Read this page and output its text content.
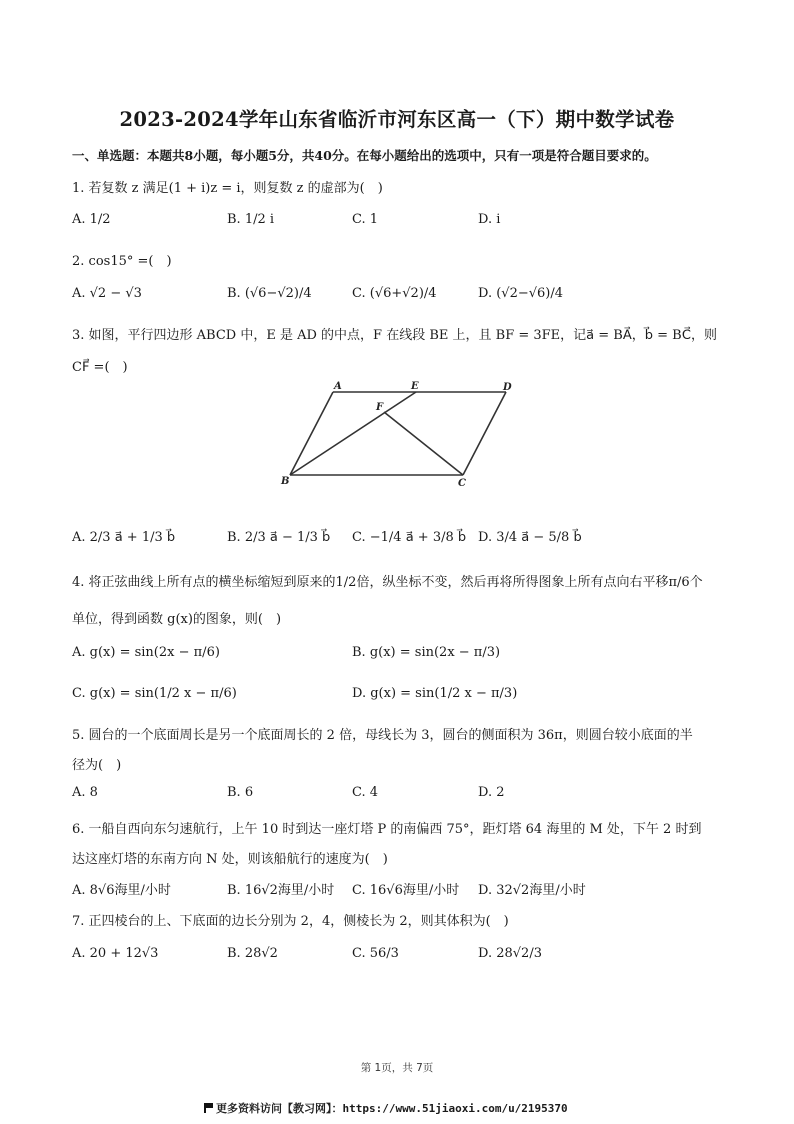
2023-2024学年山东省临沂市河东区高一（下）期中数学试卷
一、单选题：本题共8小题，每小题5分，共40分。在每小题给出的选项中，只有一项是符合题目要求的。
1. 若复数 z 满足(1 + i)z = i，则复数 z 的虚部为(　)
A. 1/2	B. 1/2 i	C. 1	D. i
2. cos15° =(　)
A. √2 − √3	B. (√6−√2)/4	C. (√6+√2)/4	D. (√2−√6)/4
3. 如图，平行四边形 ABCD 中，E 是 AD 的中点，F 在线段 BE 上，且 BF = 3FE，记a⃗ = BA⃗，b⃗ = BC⃗，则
CF⃗ =(　)
A	E	D
F
B	C
A. 2/3 a⃗ + 1/3 b⃗	B. 2/3 a⃗ − 1/3 b⃗ C. −1/4 a⃗ + 3/8 b⃗ D. 3/4 a⃗ − 5/8 b⃗
4. 将正弦曲线上所有点的横坐标缩短到原来的1/2倍，纵坐标不变，然后再将所得图象上所有点向右平移π/6个
单位，得到函数 g(x)的图象，则(　)
A. g(x) = sin(2x − π/6)	B. g(x) = sin(2x − π/3)
C. g(x) = sin(1/2 x − π/6)	D. g(x) = sin(1/2 x − π/3)
5. 圆台的一个底面周长是另一个底面周长的 2 倍，母线长为 3，圆台的侧面积为 36π，则圆台较小底面的半
径为(　)
A. 8	B. 6	C. 4	D. 2
6. 一船自西向东匀速航行，上午 10 时到达一座灯塔 P 的南偏西 75°，距灯塔 64 海里的 M 处，下午 2 时到
达这座灯塔的东南方向 N 处，则该船航行的速度为(　)
A. 8√6海里/小时	B. 16√2海里/小时 C. 16√6海里/小时 D. 32√2海里/小时
7. 正四棱台的上、下底面的边长分别为 2，4，侧棱长为 2，则其体积为(　)
A. 20 + 12√3	B. 28√2	C. 56/3	D. 28√2/3
第 1页，共 7页
更多资料访问【教习网】：https://www.51jiaoxi.com/u/2195370
